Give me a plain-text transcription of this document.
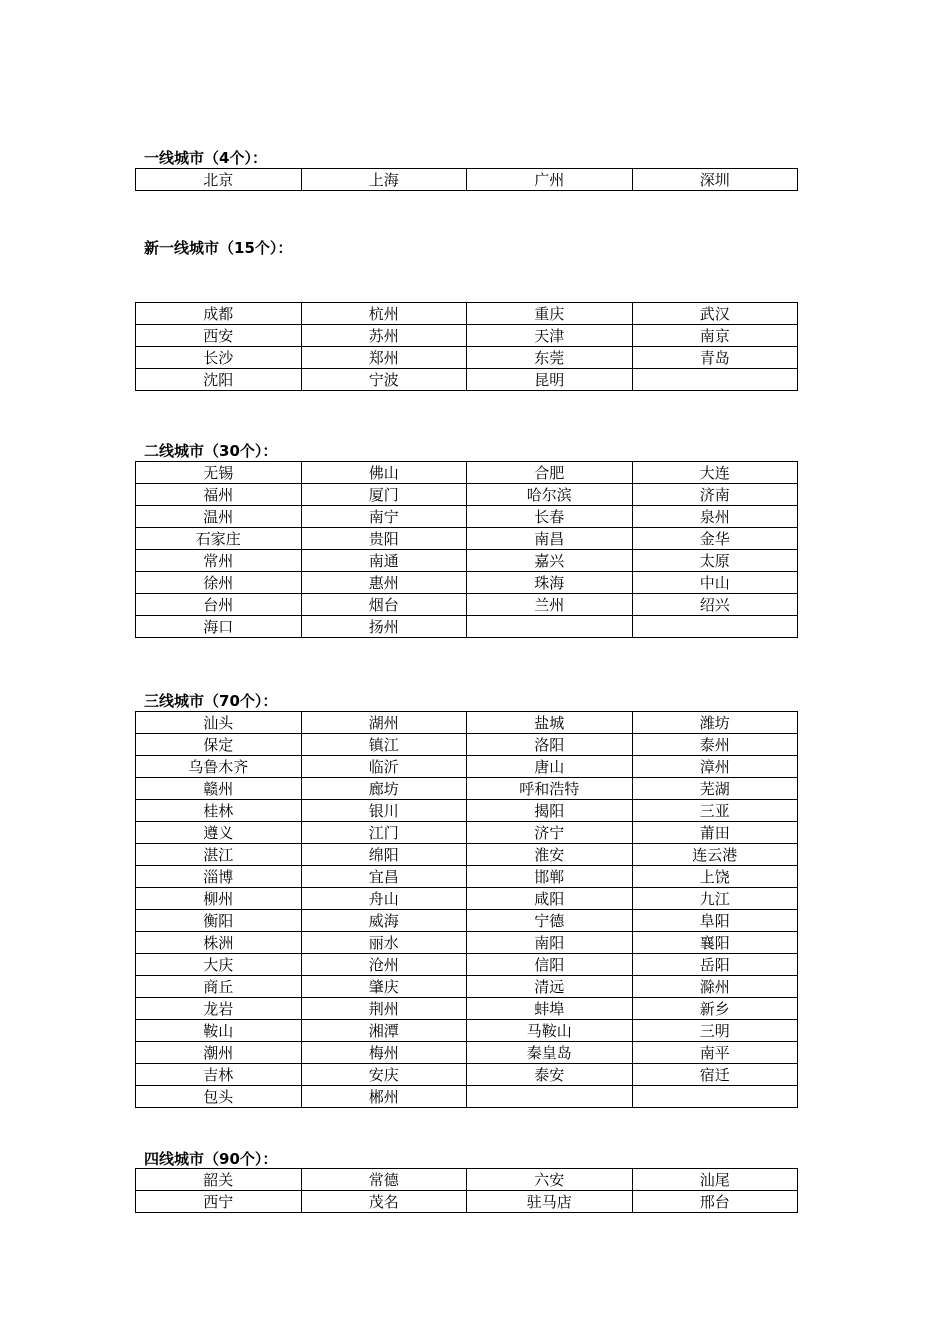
一线城市（4个）：
北京	上海	广州	深圳
新一线城市（15个）：
成都	杭州	重庆	武汉
西安	苏州	天津	南京
长沙	郑州	东莞	青岛
沈阳	宁波	昆明	
二线城市（30个）：
无锡	佛山	合肥	大连
福州	厦门	哈尔滨	济南
温州	南宁	长春	泉州
石家庄	贵阳	南昌	金华
常州	南通	嘉兴	太原
徐州	惠州	珠海	中山
台州	烟台	兰州	绍兴
海口	扬州		
三线城市（70个）：
汕头	湖州	盐城	潍坊
保定	镇江	洛阳	泰州
乌鲁木齐	临沂	唐山	漳州
赣州	廊坊	呼和浩特	芜湖
桂林	银川	揭阳	三亚
遵义	江门	济宁	莆田
湛江	绵阳	淮安	连云港
淄博	宜昌	邯郸	上饶
柳州	舟山	咸阳	九江
衡阳	威海	宁德	阜阳
株洲	丽水	南阳	襄阳
大庆	沧州	信阳	岳阳
商丘	肇庆	清远	滁州
龙岩	荆州	蚌埠	新乡
鞍山	湘潭	马鞍山	三明
潮州	梅州	秦皇岛	南平
吉林	安庆	泰安	宿迁
包头	郴州		
四线城市（90个）：
韶关	常德	六安	汕尾
西宁	茂名	驻马店	邢台
